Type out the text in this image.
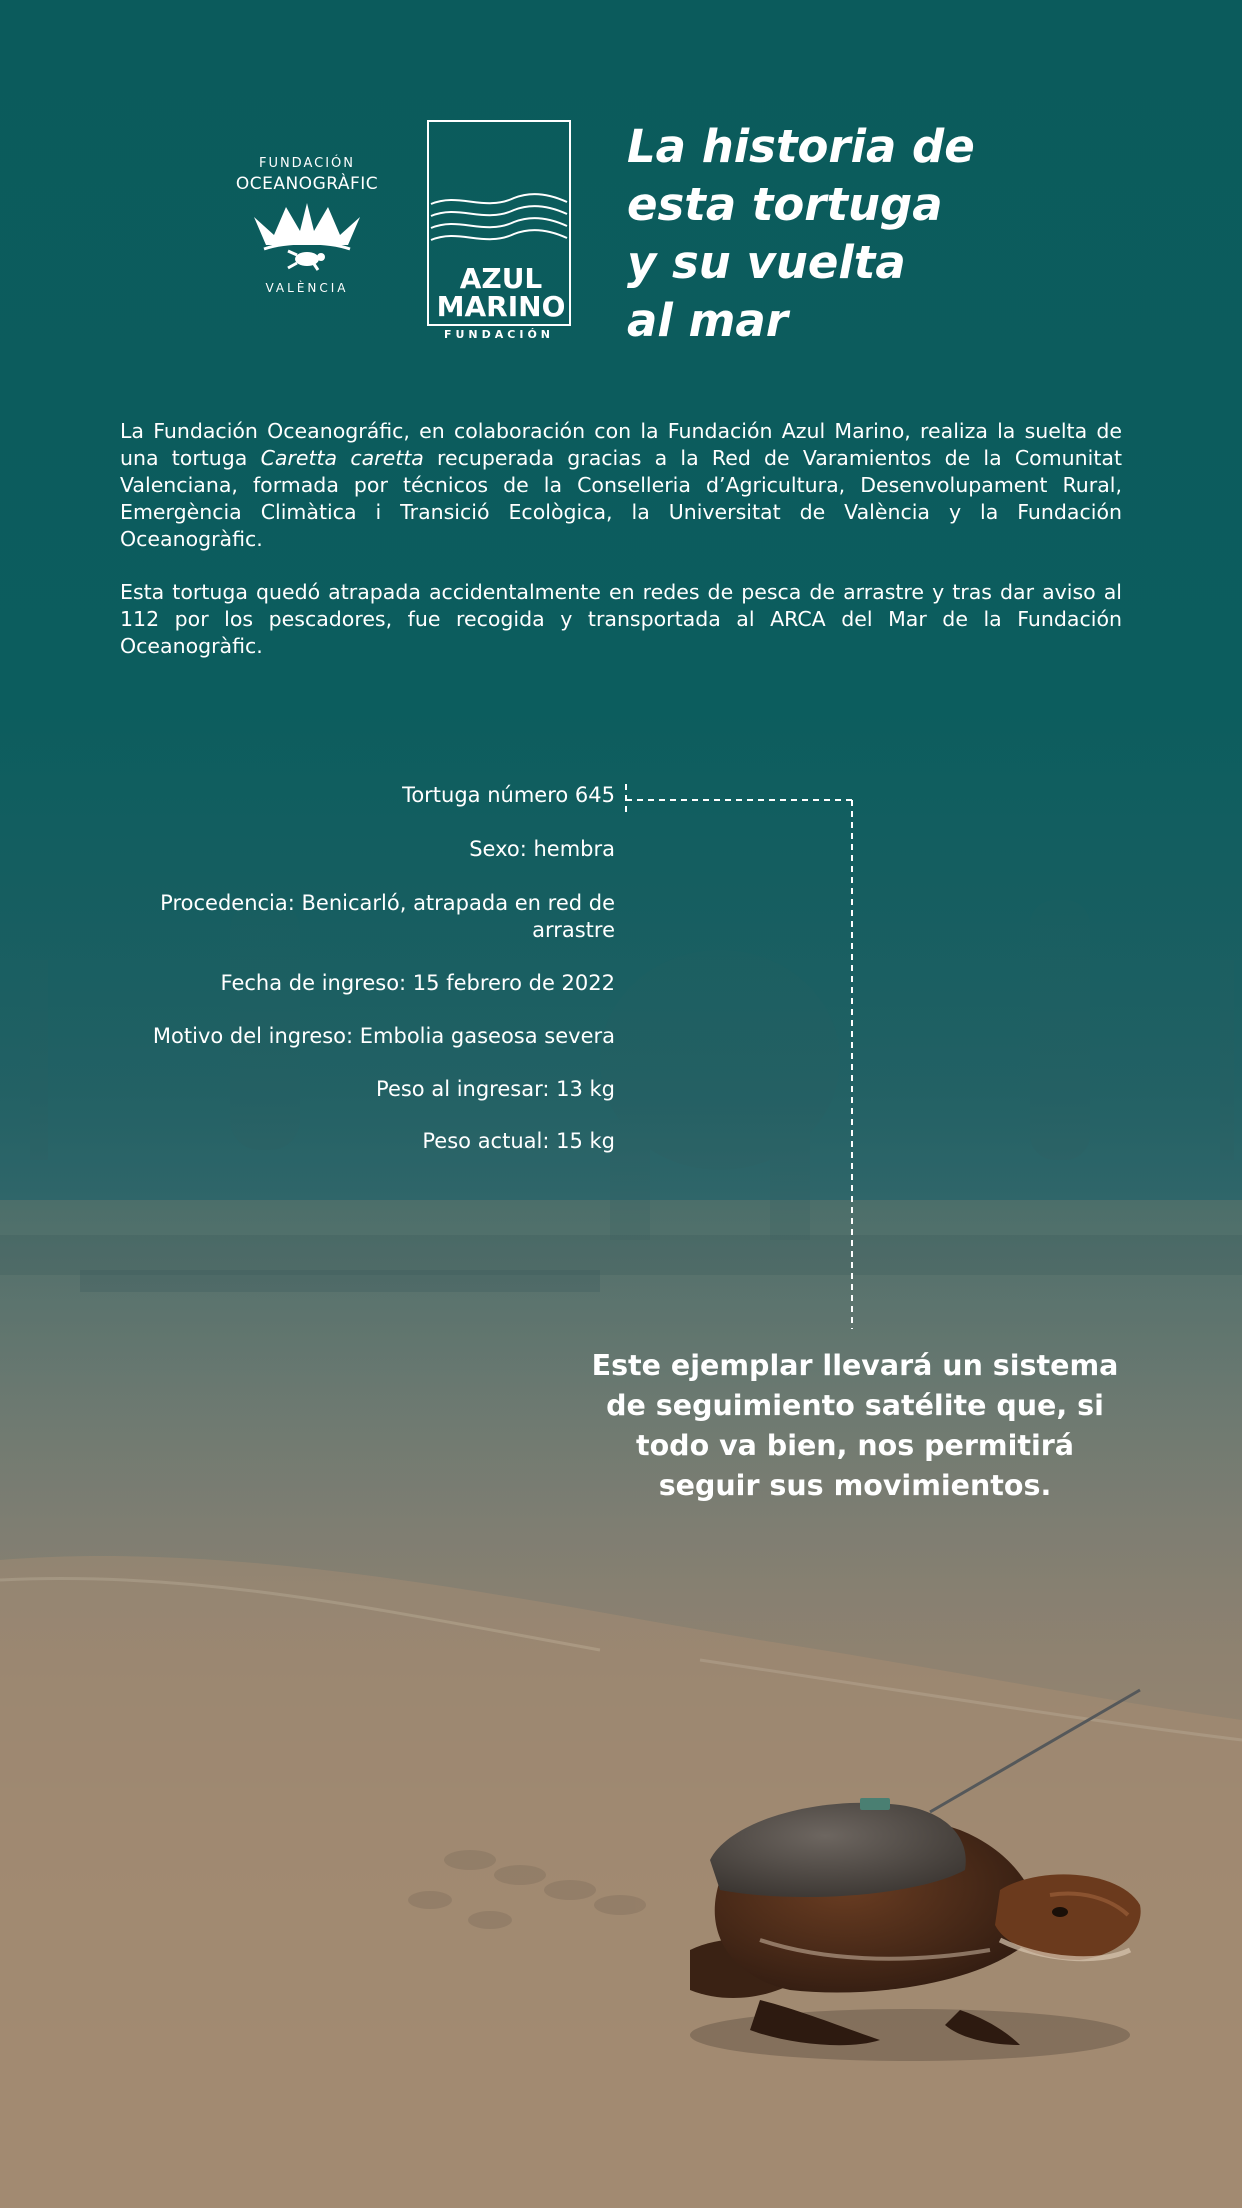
FUNDACIÓN
OCEANOGRÀFIC
VALÈNCIA	AZUL
MARINO
FUNDACIÓN
La historia de
esta tortuga
y su vuelta
al mar

La Fundación Oceanográfic, en colaboración con la Fundación Azul Marino, realiza la suelta de una tortuga Caretta caretta recuperada gracias a la Red de Varamientos de la Comunitat Valenciana, formada por técnicos de la Conselleria d’Agricultura, Desenvolupament Rural, Emergència Climàtica i Transició Ecològica, la Universitat de València y la Fundación Oceanogràfic.

Esta tortuga quedó atrapada accidentalmente en redes de pesca de arrastre y tras dar aviso al 112 por los pescadores, fue recogida y transportada al ARCA del Mar de la Fundación Oceanogràfic.

Tortuga número 645
Sexo: hembra
Procedencia: Benicarló, atrapada en red de arrastre
Fecha de ingreso: 15 febrero de 2022
Motivo del ingreso: Embolia gaseosa severa
Peso al ingresar: 13 kg
Peso actual: 15 kg
Este ejemplar llevará un sistema de seguimiento satélite que, si todo va bien, nos permitirá seguir sus movimientos.
